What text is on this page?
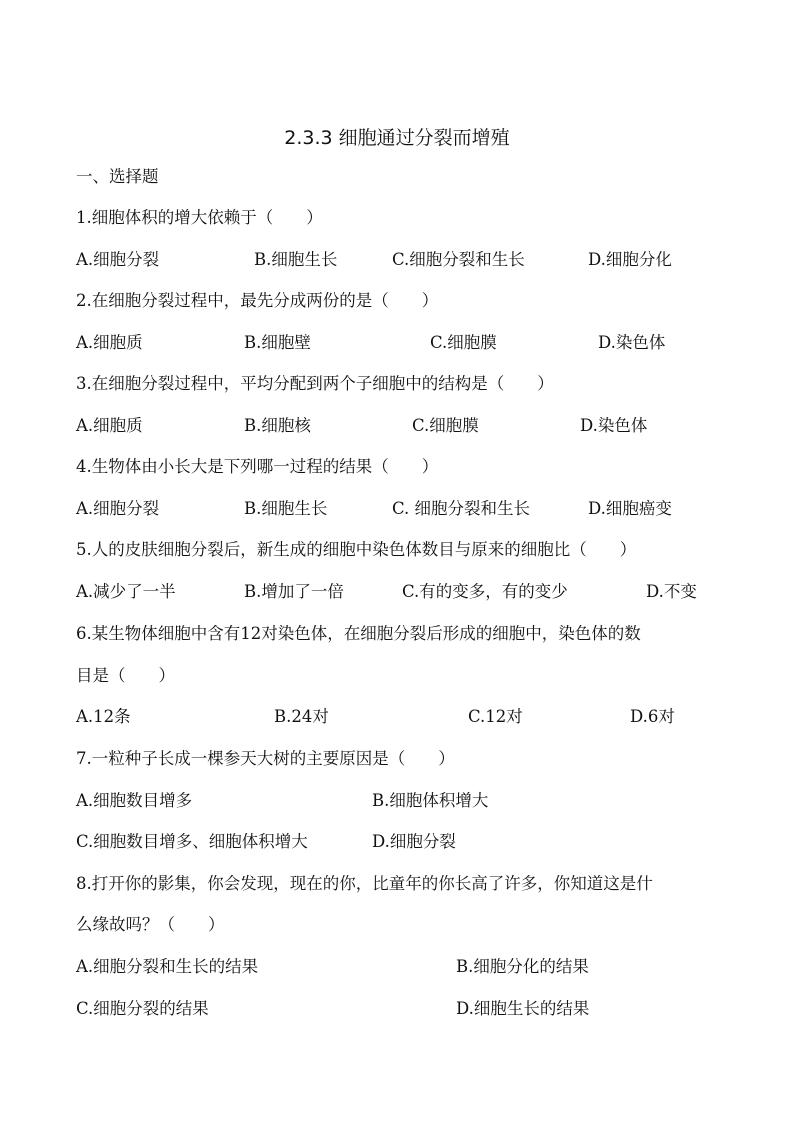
2.3.3 细胞通过分裂而增殖
一、选择题
1.细胞体积的增大依赖于（　　）
A.细胞分裂	B.细胞生长	C.细胞分裂和生长	D.细胞分化
2.在细胞分裂过程中，最先分成两份的是（　　）
A.细胞质	B.细胞壁	C.细胞膜	D.染色体
3.在细胞分裂过程中，平均分配到两个子细胞中的结构是（　　）
A.细胞质	B.细胞核	C.细胞膜	D.染色体
4.生物体由小长大是下列哪一过程的结果（　　）
A.细胞分裂	B.细胞生长	C. 细胞分裂和生长	D.细胞癌变
5.人的皮肤细胞分裂后，新生成的细胞中染色体数目与原来的细胞比（　　）
A.减少了一半	B.增加了一倍	C.有的变多，有的变少	D.不变
6.某生物体细胞中含有12对染色体，在细胞分裂后形成的细胞中，染色体的数
目是（　　）
A.12条	B.24对	C.12对	D.6对
7.一粒种子长成一棵参天大树的主要原因是（　　）
A.细胞数目增多	B.细胞体积增大
C.细胞数目增多、细胞体积增大	D.细胞分裂
8.打开你的影集，你会发现，现在的你，比童年的你长高了许多，你知道这是什
么缘故吗？（　　）
A.细胞分裂和生长的结果	B.细胞分化的结果
C.细胞分裂的结果	D.细胞生长的结果
